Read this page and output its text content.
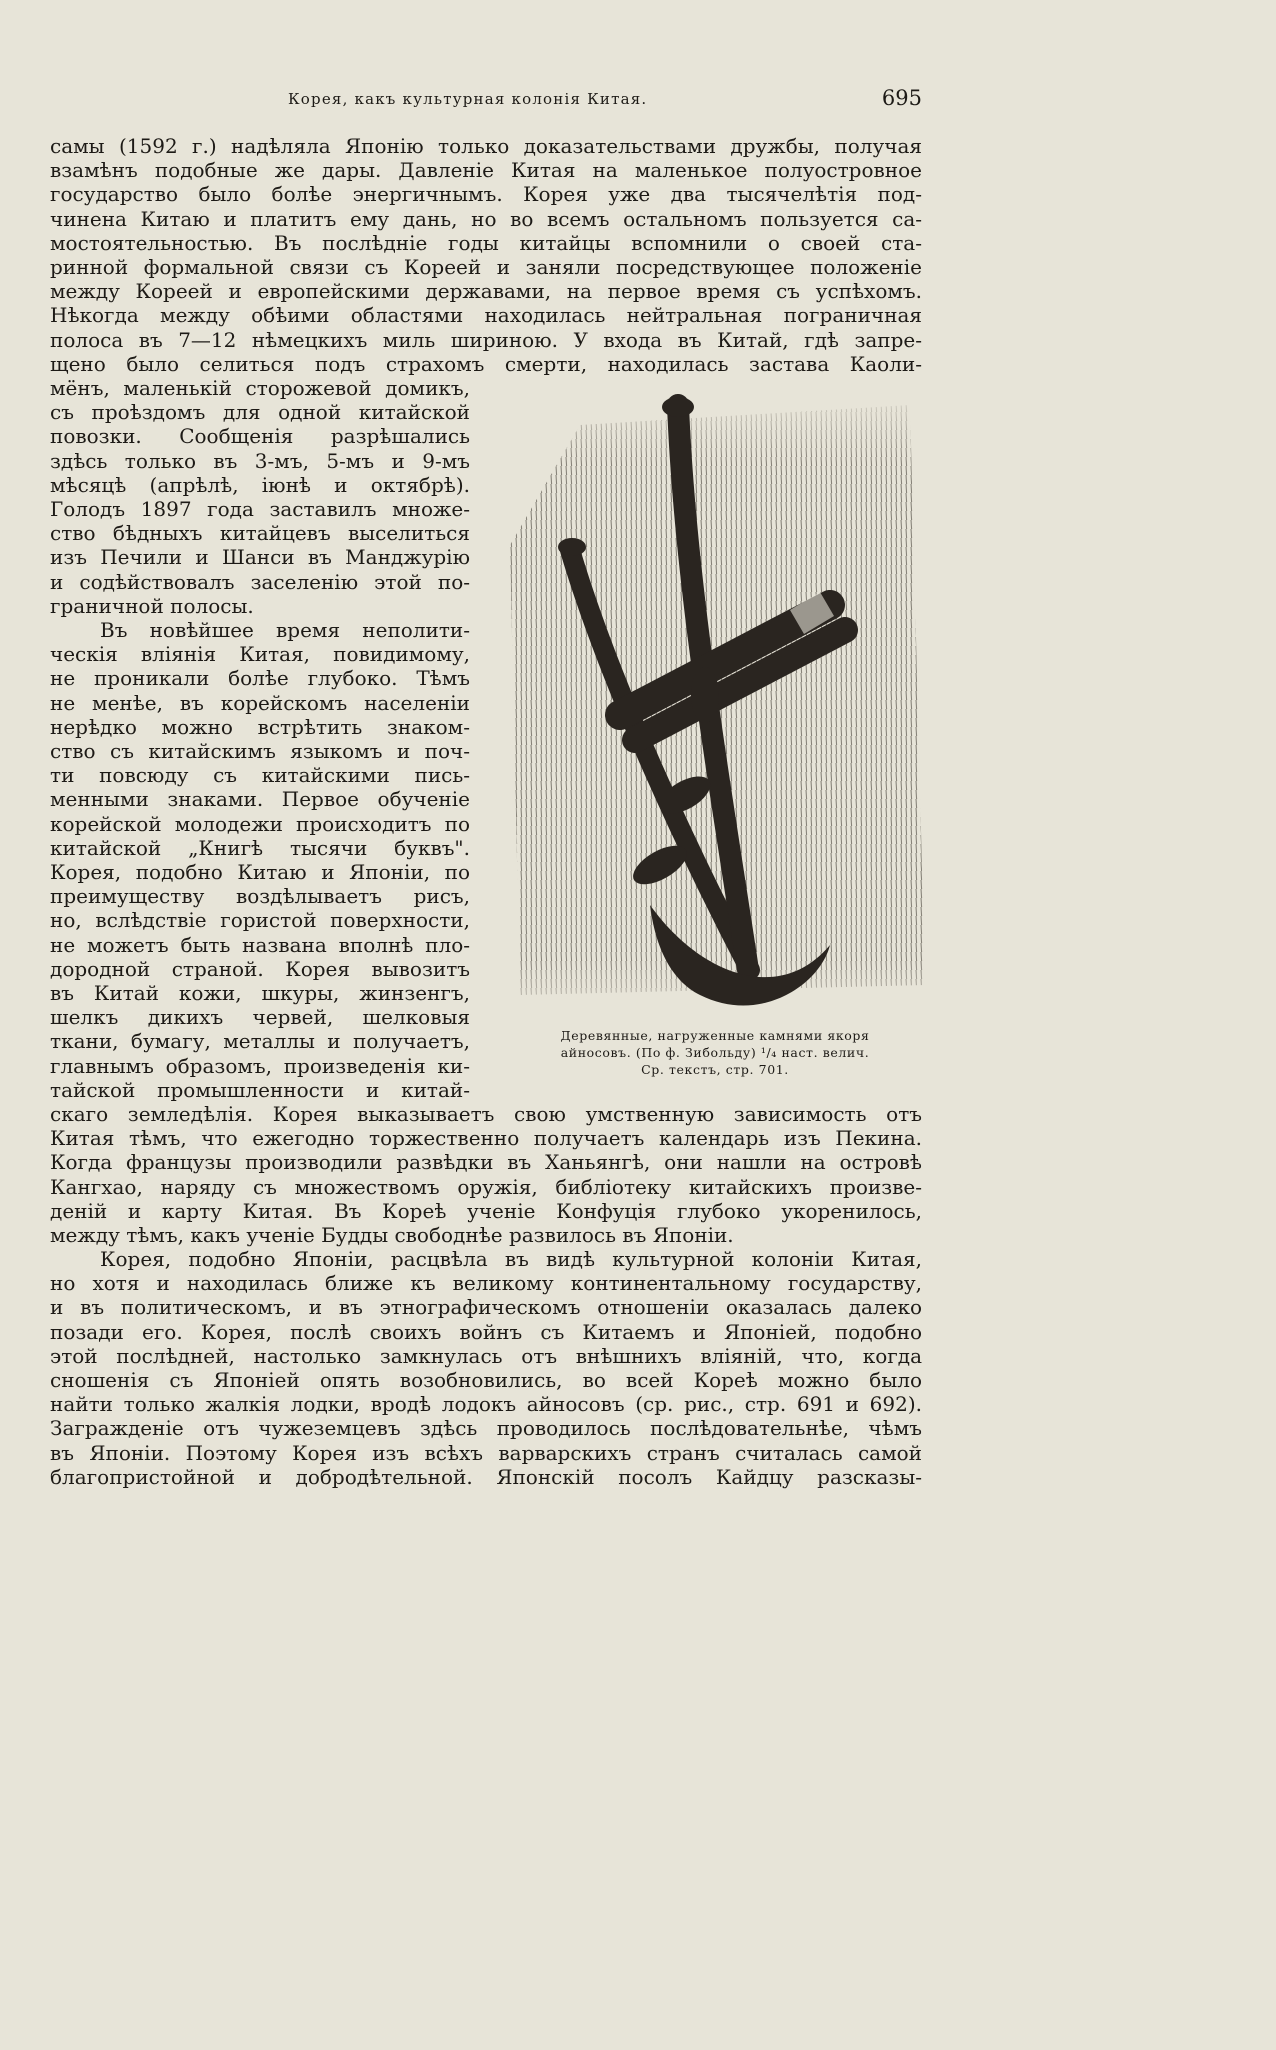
Корея, какъ культурная колонія Китая.	695
самы (1592 г.) надѣляла Японію только доказательствами дружбы, получая
взамѣнъ подобные же дары. Давленіе Китая на маленькое полуостровное
государство было болѣе энергичнымъ. Корея уже два тысячелѣтія под-
чинена Китаю и платитъ ему дань, но во всемъ остальномъ пользуется са-
мостоятельностью. Въ послѣдніе годы китайцы вспомнили о своей ста-
ринной формальной связи съ Кореей и заняли посредствующее положеніе
между Кореей и европейскими державами, на первое время съ успѣхомъ.
Нѣкогда между обѣими областями находилась нейтральная пограничная
полоса въ 7—12 нѣмецкихъ миль шириною. У входа въ Китай, гдѣ запре-
щено было селиться подъ страхомъ смерти, находилась застава Каоли-
мёнъ, маленькій сторожевой домикъ,
съ проѣздомъ для одной китайской
повозки. Сообщенія разрѣшались
здѣсь только въ 3-мъ, 5-мъ и 9-мъ
мѣсяцѣ (апрѣлѣ, іюнѣ и октябрѣ).
Голодъ 1897 года заставилъ множе-
ство бѣдныхъ китайцевъ выселиться
изъ Печили и Шанси въ Манджурію
и содѣйствовалъ заселенію этой по-
граничной полосы.
Въ новѣйшее время неполити-
ческія вліянія Китая, повидимому,
не проникали болѣе глубоко. Тѣмъ
не менѣе, въ корейскомъ населеніи
нерѣдко можно встрѣтить знаком-
ство съ китайскимъ языкомъ и поч-
ти повсюду съ китайскими пись-
менными знаками. Первое обученіе
корейской молодежи происходитъ по
китайской „Книгѣ тысячи буквъ".
Корея, подобно Китаю и Японіи, по
преимуществу воздѣлываетъ рисъ,
но, вслѣдствіе гористой поверхности,
не можетъ быть названа вполнѣ пло-
дородной страной. Корея вывозитъ
въ Китай кожи, шкуры, жинзенгъ,
шелкъ дикихъ червей, шелковыя
ткани, бумагу, металлы и получаетъ,
главнымъ образомъ, произведенія ки-
тайской промышленности и китай-
скаго земледѣлія. Корея выказываетъ свою умственную зависимость отъ
Китая тѣмъ, что ежегодно торжественно получаетъ календарь изъ Пекина.
Когда французы производили развѣдки въ Ханьянгѣ, они нашли на островѣ
Кангхао, наряду съ множествомъ оружія, библіотеку китайскихъ произве-
деній и карту Китая. Въ Кореѣ ученіе Конфуція глубоко укоренилось,
между тѣмъ, какъ ученіе Будды свободнѣе развилось въ Японіи.
Корея, подобно Японіи, расцвѣла въ видѣ культурной колоніи Китая,
но хотя и находилась ближе къ великому континентальному государству,
и въ политическомъ, и въ этнографическомъ отношеніи оказалась далеко
позади его. Корея, послѣ своихъ войнъ съ Китаемъ и Японіей, подобно
этой послѣдней, настолько замкнулась отъ внѣшнихъ вліяній, что, когда
сношенія съ Японіей опять возобновились, во всей Кореѣ можно было
найти только жалкія лодки, вродѣ лодокъ айносовъ (ср. рис., стр. 691 и 692).
Загражденіе отъ чужеземцевъ здѣсь проводилось послѣдовательнѣе, чѣмъ
въ Японіи. Поэтому Корея изъ всѣхъ варварскихъ странъ считалась самой
благопристойной и добродѣтельной. Японскій посолъ Кайдцу разсказы-
Деревянные, нагруженные камнями якоря
айносовъ. (По ф. Зибольду) ¹/₄ наст. велич.
Ср. текстъ, стр. 701.
